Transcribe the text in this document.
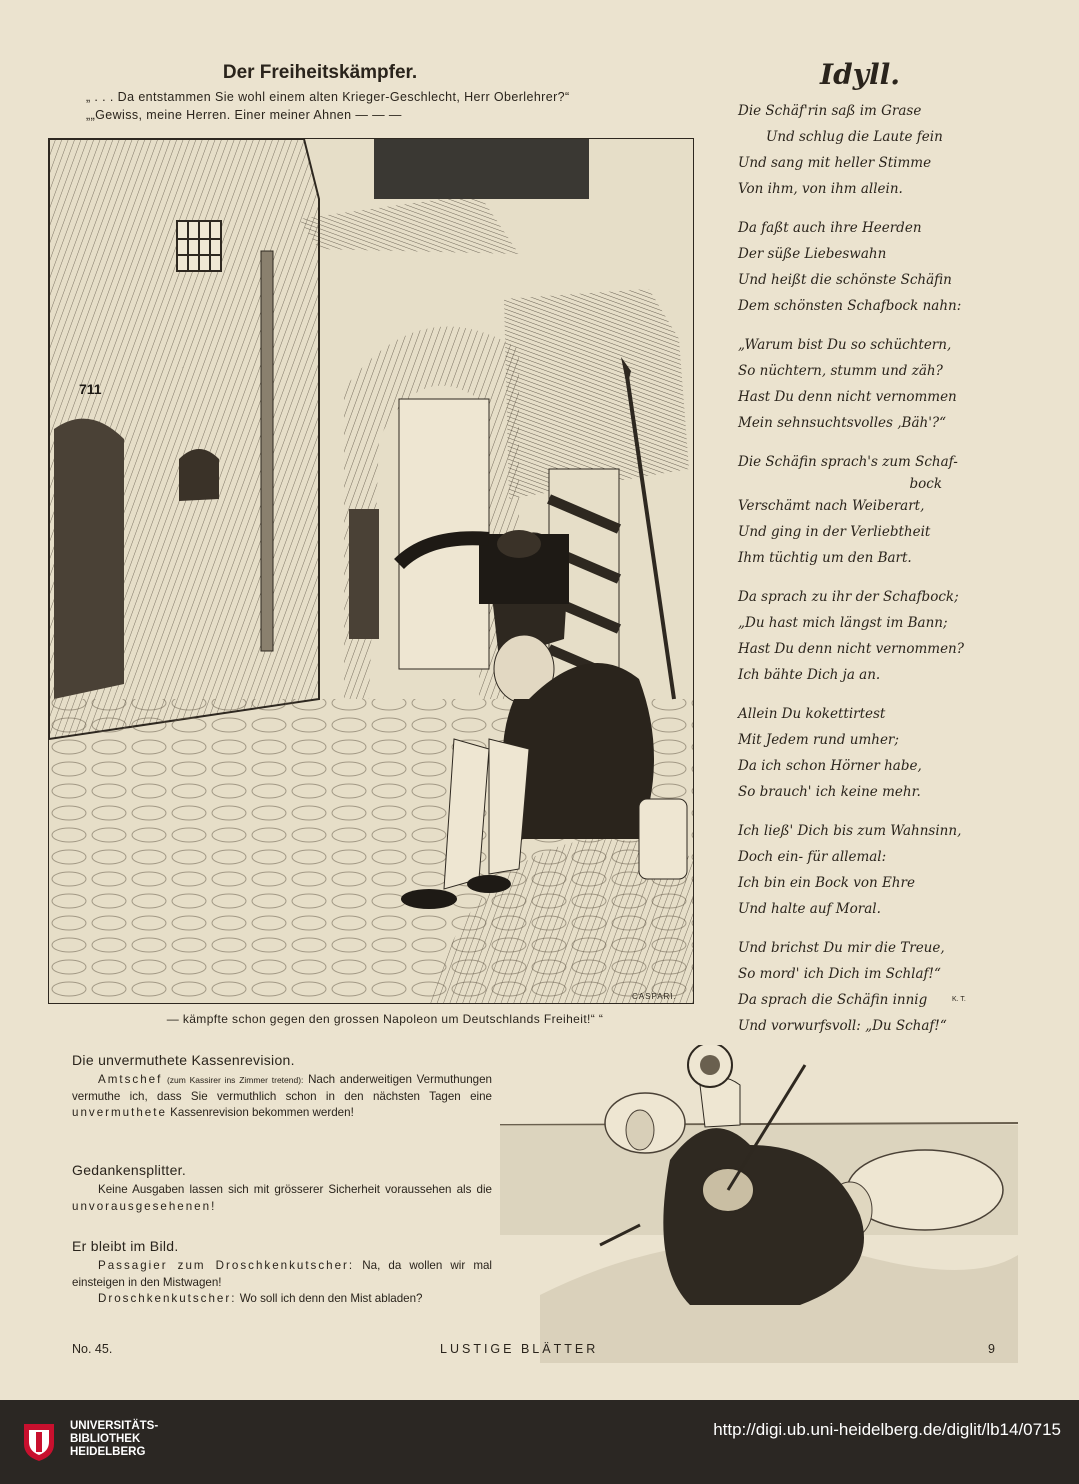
Der Freiheitskämpfer.

„ . . . Da entstammen Sie wohl einem alten Krieger-Geschlecht, Herr Oberlehrer?“

„„Gewiss, meine Herren. Einer meiner Ahnen — — —

711

CASPARI.

— kämpfte schon gegen den grossen Napoleon um Deutschlands Freiheit!“ “

Idyll.
Die Schäf'rin saß im Grase
Und schlug die Laute fein
Und sang mit heller Stimme
Von ihm, von ihm allein.
Da faßt auch ihre Heerden
Der süße Liebeswahn
Und heißt die schönste Schäfin
Dem schönsten Schafbock nahn:
„Warum bist Du so schüchtern,
So nüchtern, stumm und zäh?
Hast Du denn nicht vernommen
Mein sehnsuchtsvolles ‚Bäh'?“
Die Schäfin sprach's zum Schaf-
bock
Verschämt nach Weiberart,
Und ging in der Verliebtheit
Ihm tüchtig um den Bart.
Da sprach zu ihr der Schafbock;
„Du hast mich längst im Bann;
Hast Du denn nicht vernommen?
Ich bähte Dich ja an.
Allein Du kokettirtest
Mit Jedem rund umher;
Da ich schon Hörner habe,
So brauch' ich keine mehr.
Ich ließ' Dich bis zum Wahnsinn,
Doch ein- für allemal:
Ich bin ein Bock von Ehre
Und halte auf Moral.
Und brichst Du mir die Treue,
So mord' ich Dich im Schlaf!“
Da sprach die Schäfin innig
Und vorwurfsvoll: „Du Schaf!“

K. T.

Die unvermuthete Kassenrevision.

Amtschef (zum Kassirer ins Zimmer tretend): Nach anderweitigen Vermuthungen vermuthe ich, dass Sie vermuthlich schon in den nächsten Tagen eine unvermuthete Kassenrevision bekommen werden!

Gedankensplitter.

Keine Ausgaben lassen sich mit grösserer Sicherheit voraussehen als die unvorausgesehenen!

Er bleibt im Bild.

Passagier zum Droschkenkutscher: Na, da wollen wir mal einsteigen in den Mistwagen!

Droschkenkutscher: Wo soll ich denn den Mist abladen?

No. 45.	LUSTIGE BLÄTTER	9

UNIVERSITÄTS-
BIBLIOTHEK
HEIDELBERG
http://digi.ub.uni-heidelberg.de/diglit/lb14/0715
